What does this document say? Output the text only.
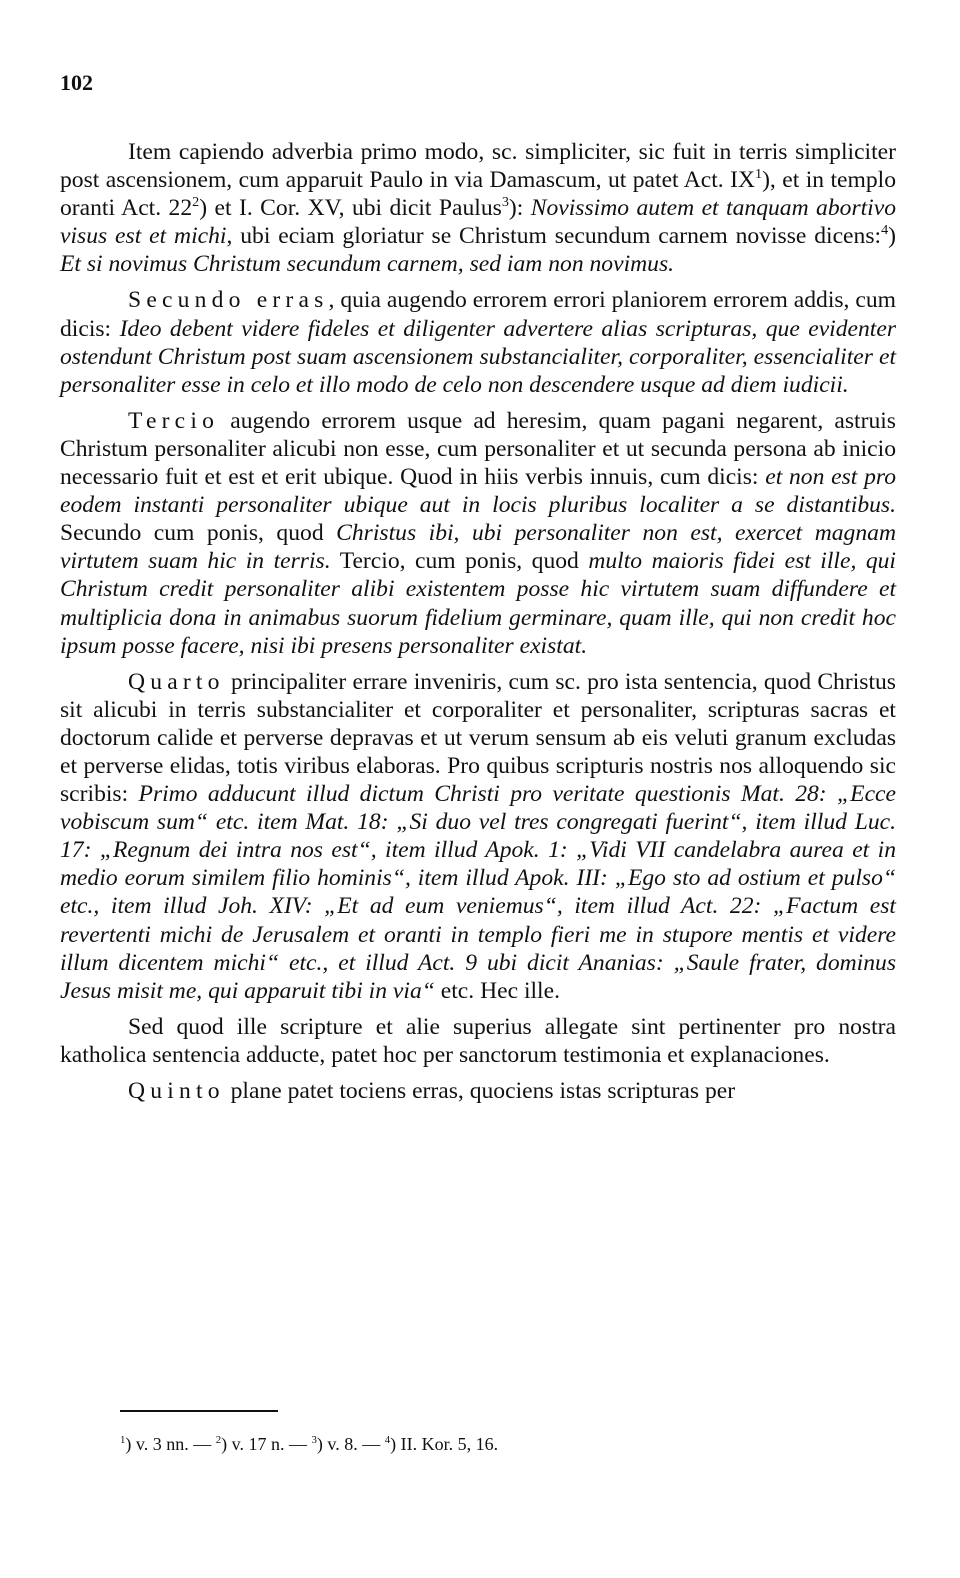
102

Item capiendo adverbia primo modo, sc. simpliciter, sic fuit in terris simpliciter post ascensionem, cum apparuit Paulo in via Damascum, ut patet Act. $IX^1$), et in templo oranti Act. $22^2$) et I. Cor. XV, ubi dicit Paulus$^3$): Novissimo autem et tanquam abortivo visus est et michi, ubi eciam gloriatur se Christum secundum carnem novisse dicens:$^4$) Et si novimus Christum secundum carnem, sed iam non novimus.

Secundo erras, quia augendo errorem errori planiorem errorem addis, cum dicis: Ideo debent videre fideles et diligenter advertere alias scripturas, que evidenter ostendunt Christum post suam ascensionem substancialiter, corporaliter, essencialiter et personaliter esse in celo et illo modo de celo non descendere usque ad diem iudicii.

Tercio augendo errorem usque ad heresim, quam pagani negarent, astruis Christum personaliter alicubi non esse, cum personaliter et ut secunda persona ab inicio necessario fuit et est et erit ubique. Quod in hiis verbis innuis, cum dicis: et non est pro eodem instanti personaliter ubique aut in locis pluribus localiter a se distantibus. Secundo cum ponis, quod Christus ibi, ubi personaliter non est, exercet magnam virtutem suam hic in terris. Tercio, cum ponis, quod multo maioris fidei est ille, qui Christum credit personaliter alibi existentem posse hic virtutem suam diffundere et multiplicia dona in animabus suorum fidelium germinare, quam ille, qui non credit hoc ipsum posse facere, nisi ibi presens personaliter existat.

Quarto principaliter errare inveniris, cum sc. pro ista sentencia, quod Christus sit alicubi in terris substancialiter et corporaliter et personaliter, scripturas sacras et doctorum calide et perverse depravas et ut verum sensum ab eis veluti granum excludas et perverse elidas, totis viribus elaboras. Pro quibus scripturis nostris nos alloquendo sic scribis: Primo adducunt illud dictum Christi pro veritate questionis Mat. 28: „Ecce vobiscum sum“ etc. item Mat. 18: „Si duo vel tres congregati fuerint“, item illud Luc. 17: „Regnum dei intra nos est“, item illud Apok. 1: „Vidi VII candelabra aurea et in medio eorum similem filio hominis“, item illud Apok. III: „Ego sto ad ostium et pulso“ etc., item illud Joh. XIV: „Et ad eum veniemus“, item illud Act. 22: „Factum est revertenti michi de Jerusalem et oranti in templo fieri me in stupore mentis et videre illum dicentem michi“ etc., et illud Act. 9 ubi dicit Ananias: „Saule frater, dominus Jesus misit me, qui apparuit tibi in via“ etc. Hec ille.

Sed quod ille scripture et alie superius allegate sint pertinenter pro nostra katholica sentencia adducte, patet hoc per sanctorum testimonia et explanaciones.

Quinto plane patet tociens erras, quociens istas scripturas per

$^1$) v. 3 nn. — $^2$) v. 17 n. — $^3$) v. 8. — $^4$) II. Kor. 5, 16.
